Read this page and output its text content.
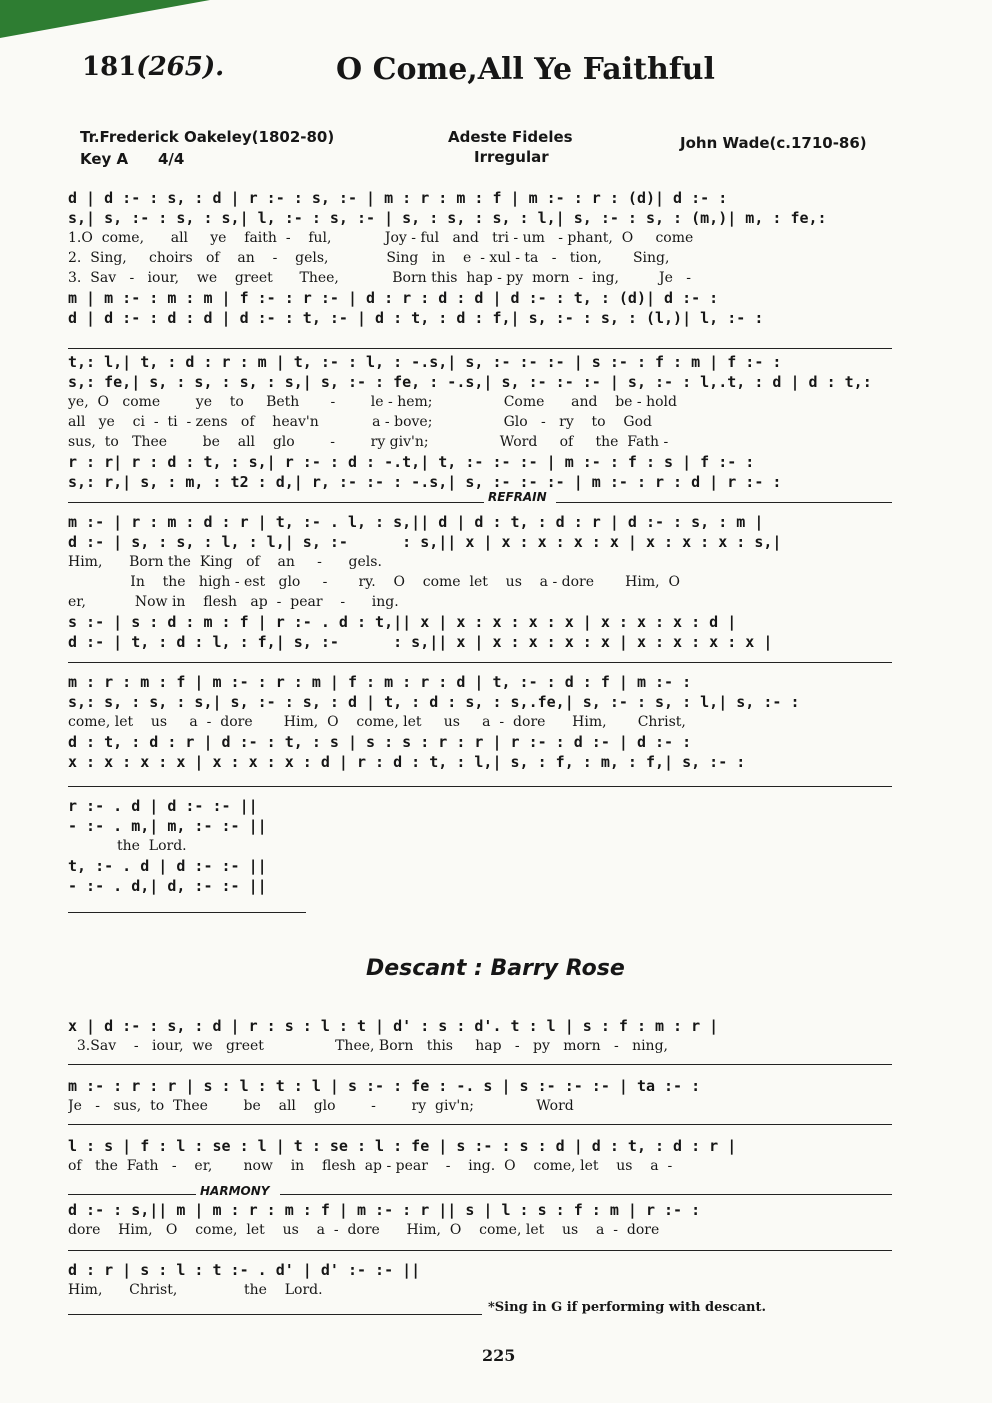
181(265).	O Come,All Ye Faithful
Tr.Frederick Oakeley(1802-80)
Key A 4/4
Adeste Fideles
Irregular
John Wade(c.1710-86)
d | d :- : s, : d | r :- : s, :- | m : r : m : f | m :- : r : (d)| d :- :
s,| s, :- : s, : s,| l, :- : s, :- | s, : s, : s, : l,| s, :- : s, : (m,)| m, : fe,:
1.O  come,      all     ye    faith  -    ful,            Joy - ful   and   tri - um   - phant,  O     come
2.  Sing,     choirs   of    an    -    gels,             Sing   in    e  - xul - ta   -   tion,       Sing,
3.  Sav   -   iour,    we    greet      Thee,            Born this  hap - py  morn  -  ing,         Je   -
m | m :- : m : m | f :- : r :- | d : r : d : d | d :- : t, : (d)| d :- :
d | d :- : d : d | d :- : t, :- | d : t, : d : f,| s, :- : s, : (l,)| l, :- :
t,: l,| t, : d : r : m | t, :- : l, : -.s,| s, :- :- :- | s :- : f : m | f :- :
s,: fe,| s, : s, : s, : s,| s, :- : fe, : -.s,| s, :- :- :- | s, :- : l,.t, : d | d : t,:
ye,  O   come        ye    to     Beth       -        le - hem;                Come      and    be - hold
all   ye    ci  -  ti  - zens   of    heav'n            a - bove;                Glo   -   ry    to    God
sus,  to   Thee        be    all    glo        -        ry giv'n;                Word     of     the  Fath -
r : r| r : d : t, : s,| r :- : d : -.t,| t, :- :- :- | m :- : f : s | f :- :
s,: r,| s, : m, : t2 : d,| r, :- :- : -.s,| s, :- :- :- | m :- : r : d | r :- :
REFRAIN
m :- | r : m : d : r | t, :- . l, : s,|| d | d : t, : d : r | d :- : s, : m |
d :- | s, : s, : l, : l,| s, :-      : s,|| x | x : x : x : x | x : x : x : s,|
Him,      Born the  King   of    an     -      gels.
In    the   high - est   glo     -       ry.    O    come  let    us    a - dore       Him,  O
er,           Now in    flesh   ap  -  pear    -      ing.
s :- | s : d : m : f | r :- . d : t,|| x | x : x : x : x | x : x : x : d |
d :- | t, : d : l, : f,| s, :-      : s,|| x | x : x : x : x | x : x : x : x |
m : r : m : f | m :- : r : m | f : m : r : d | t, :- : d : f | m :- :
s,: s, : s, : s,| s, :- : s, : d | t, : d : s, : s,.fe,| s, :- : s, : l,| s, :- :
come, let    us     a  -  dore       Him,  O    come, let     us     a  -  dore      Him,       Christ,
d : t, : d : r | d :- : t, : s | s : s : r : r | r :- : d :- | d :- :
x : x : x : x | x : x : x : d | r : d : t, : l,| s, : f, : m, : f,| s, :- :
r :- . d | d :- :- ||
- :- . m,| m, :- :- ||
the  Lord.
t, :- . d | d :- :- ||
- :- . d,| d, :- :- ||
Descant : Barry Rose
x | d :- : s, : d | r : s : l : t | d' : s : d'. t : l | s : f : m : r |
3.Sav    -   iour,  we   greet                Thee, Born   this     hap   -   py   morn   -   ning,
m :- : r : r | s : l : t : l | s :- : fe : -. s | s :- :- :- | ta :- :
Je   -   sus,  to  Thee        be    all    glo        -        ry  giv'n;              Word
l : s | f : l : se : l | t : se : l : fe | s :- : s : d | d : t, : d : r |
of   the  Fath   -    er,       now    in    flesh  ap - pear    -    ing.  O    come, let    us    a  -
HARMONY
d :- : s,|| m | m : r : m : f | m :- : r || s | l : s : f : m | r :- :
dore    Him,   O    come,  let    us    a  -  dore      Him,  O    come, let    us    a  -  dore
d : r | s : l : t :- . d' | d' :- :- ||
Him,      Christ,               the    Lord.
*Sing in G if performing with descant.
225
